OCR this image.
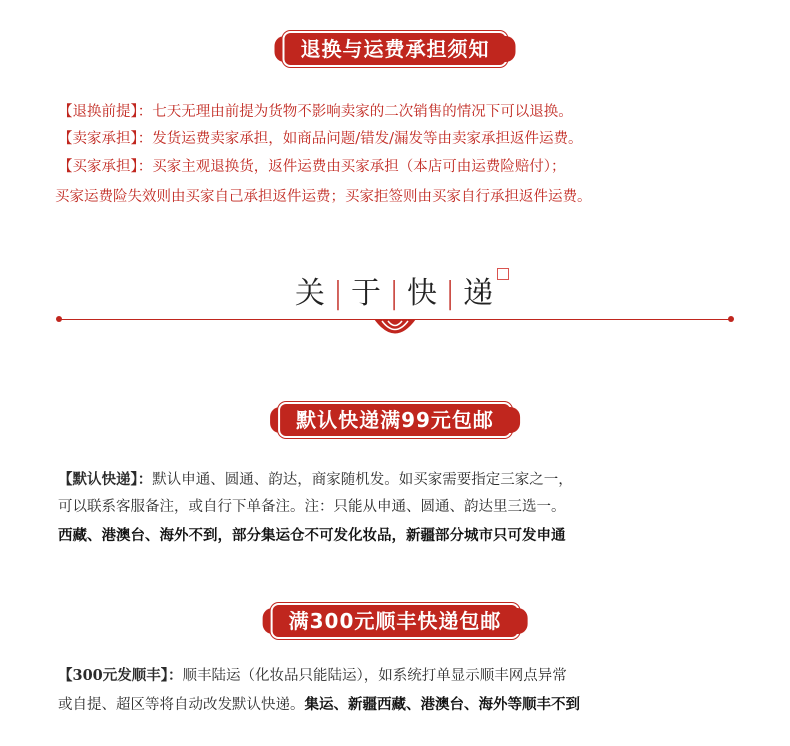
退换与运费承担须知
【退换前提】：七天无理由前提为货物不影响卖家的二次销售的情况下可以退换。
【卖家承担】：发货运费卖家承担，如商品问题/错发/漏发等由卖家承担返件运费。
【买家承担】：买家主观退换货，返件运费由买家承担（本店可由运费险赔付）；
买家运费险失效则由买家自己承担返件运费；买家拒签则由买家自行承担返件运费。
关 | 于 | 快 | 递
默认快递满99元包邮
【默认快递】：默认申通、圆通、韵达，商家随机发。如买家需要指定三家之一，
可以联系客服备注，或自行下单备注。注：只能从申通、圆通、韵达里三选一。
西藏、港澳台、海外不到，部分集运仓不可发化妆品，新疆部分城市只可发申通
满300元顺丰快递包邮
【300元发顺丰】：顺丰陆运（化妆品只能陆运），如系统打单显示顺丰网点异常
或自提、超区等将自动改发默认快递。集运、新疆西藏、港澳台、海外等顺丰不到
